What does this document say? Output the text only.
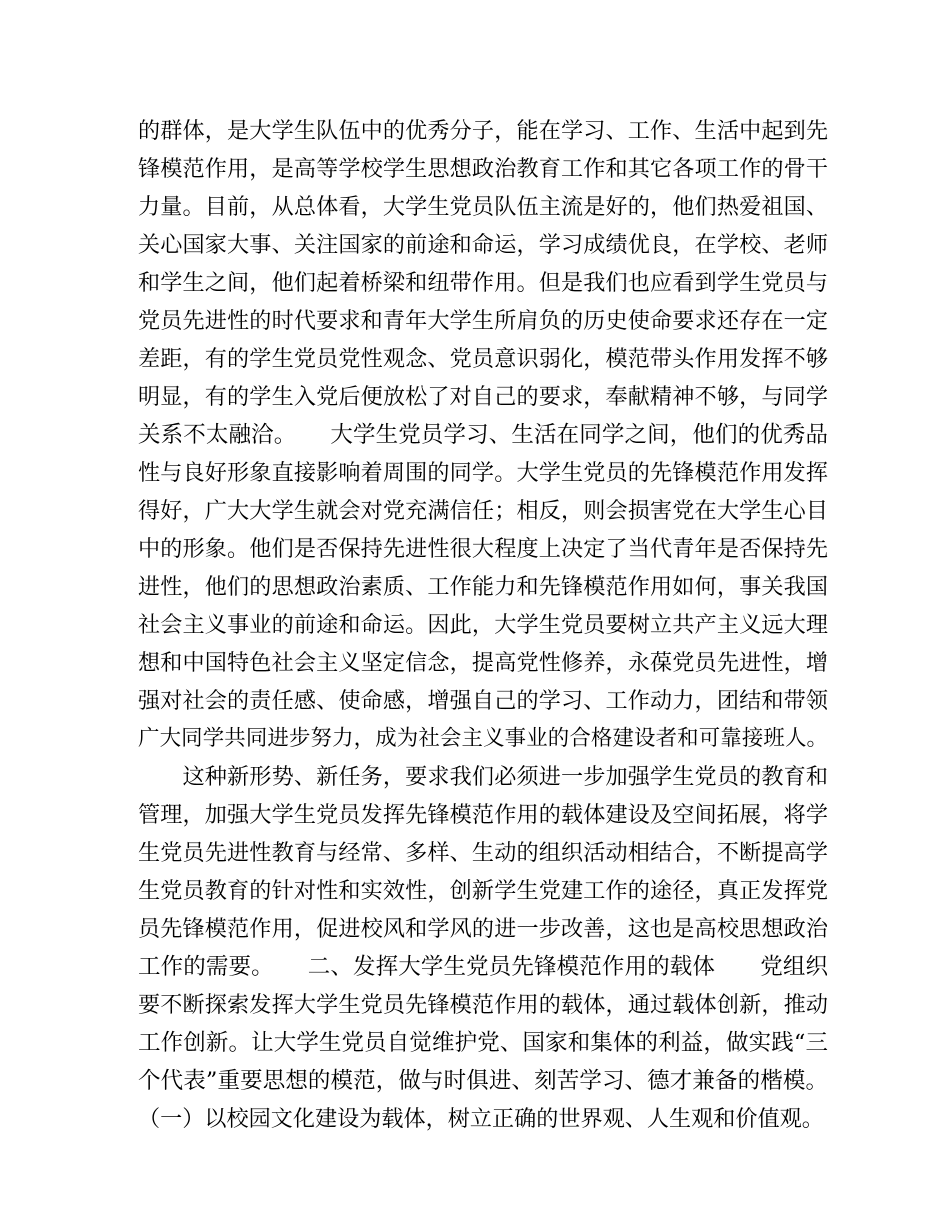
的群体，是大学生队伍中的优秀分子，能在学习、工作、生活中起到先
锋模范作用，是高等学校学生思想政治教育工作和其它各项工作的骨干
力量。目前，从总体看，大学生党员队伍主流是好的，他们热爱祖国、
关心国家大事、关注国家的前途和命运，学习成绩优良，在学校、老师
和学生之间，他们起着桥梁和纽带作用。但是我们也应看到学生党员与
党员先进性的时代要求和青年大学生所肩负的历史使命要求还存在一定
差距，有的学生党员党性观念、党员意识弱化，模范带头作用发挥不够
明显，有的学生入党后便放松了对自己的要求，奉献精神不够，与同学
关系不太融洽。　　大学生党员学习、生活在同学之间，他们的优秀品
性与良好形象直接影响着周围的同学。大学生党员的先锋模范作用发挥
得好，广大大学生就会对党充满信任；相反，则会损害党在大学生心目
中的形象。他们是否保持先进性很大程度上决定了当代青年是否保持先
进性，他们的思想政治素质、工作能力和先锋模范作用如何，事关我国
社会主义事业的前途和命运。因此，大学生党员要树立共产主义远大理
想和中国特色社会主义坚定信念，提高党性修养，永葆党员先进性，增
强对社会的责任感、使命感，增强自己的学习、工作动力，团结和带领
广大同学共同进步努力，成为社会主义事业的合格建设者和可靠接班人。
　　这种新形势、新任务，要求我们必须进一步加强学生党员的教育和
管理，加强大学生党员发挥先锋模范作用的载体建设及空间拓展，将学
生党员先进性教育与经常、多样、生动的组织活动相结合，不断提高学
生党员教育的针对性和实效性，创新学生党建工作的途径，真正发挥党
员先锋模范作用，促进校风和学风的进一步改善，这也是高校思想政治
工作的需要。　　二、发挥大学生党员先锋模范作用的载体　　党组织
要不断探索发挥大学生党员先锋模范作用的载体，通过载体创新，推动
工作创新。让大学生党员自觉维护党、国家和集体的利益，做实践“三
个代表”重要思想的模范，做与时俱进、刻苦学习、德才兼备的楷模。
（一）以校园文化建设为载体，树立正确的世界观、人生观和价值观。
